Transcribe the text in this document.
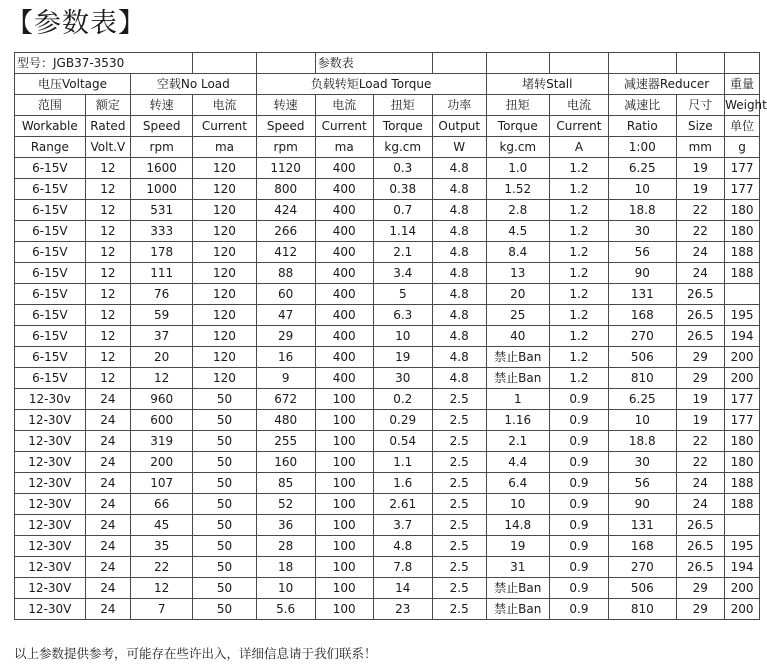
【参数表】
型号：JGB37-3530					参数表							
电压Voltage		空载No Load		负载转矩Load Torque				堵转Stall		减速器Reducer		重量
范围	额定	转速	电流	转速	电流	扭矩	功率	扭矩	电流	减速比	尺寸	Weight
Workable	Rated	Speed	Current	Speed	Current	Torque	Output	Torque	Current	Ratio	Size	单位
Range	Volt.V	rpm	ma	rpm	ma	kg.cm	W	kg.cm	A	1:00	mm	g
6-15V	12	1600	120	1120	400	0.3	4.8	1.0	1.2	6.25	19	177
6-15V	12	1000	120	800	400	0.38	4.8	1.52	1.2	10	19	177
6-15V	12	531	120	424	400	0.7	4.8	2.8	1.2	18.8	22	180
6-15V	12	333	120	266	400	1.14	4.8	4.5	1.2	30	22	180
6-15V	12	178	120	412	400	2.1	4.8	8.4	1.2	56	24	188
6-15V	12	111	120	88	400	3.4	4.8	13	1.2	90	24	188
6-15V	12	76	120	60	400	5	4.8	20	1.2	131	26.5	
6-15V	12	59	120	47	400	6.3	4.8	25	1.2	168	26.5	195
6-15V	12	37	120	29	400	10	4.8	40	1.2	270	26.5	194
6-15V	12	20	120	16	400	19	4.8	禁止Ban	1.2	506	29	200
6-15V	12	12	120	9	400	30	4.8	禁止Ban	1.2	810	29	200
12-30v	24	960	50	672	100	0.2	2.5	1	0.9	6.25	19	177
12-30V	24	600	50	480	100	0.29	2.5	1.16	0.9	10	19	177
12-30V	24	319	50	255	100	0.54	2.5	2.1	0.9	18.8	22	180
12-30V	24	200	50	160	100	1.1	2.5	4.4	0.9	30	22	180
12-30V	24	107	50	85	100	1.6	2.5	6.4	0.9	56	24	188
12-30V	24	66	50	52	100	2.61	2.5	10	0.9	90	24	188
12-30V	24	45	50	36	100	3.7	2.5	14.8	0.9	131	26.5	
12-30V	24	35	50	28	100	4.8	2.5	19	0.9	168	26.5	195
12-30V	24	22	50	18	100	7.8	2.5	31	0.9	270	26.5	194
12-30V	24	12	50	10	100	14	2.5	禁止Ban	0.9	506	29	200
12-30V	24	7	50	5.6	100	23	2.5	禁止Ban	0.9	810	29	200
以上参数提供参考，可能存在些许出入，详细信息请于我们联系！
